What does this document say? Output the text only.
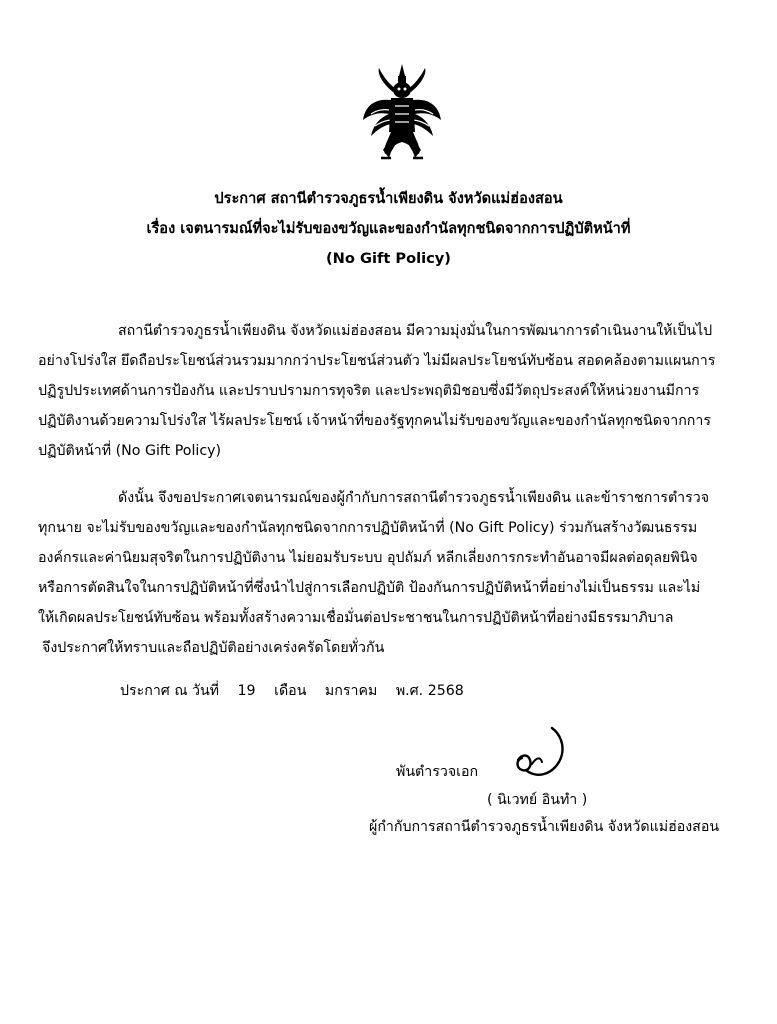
ประกาศ สถานีตำรวจภูธรน้ำเพียงดิน จังหวัดแม่ฮ่องสอน
เรื่อง เจตนารมณ์ที่จะไม่รับของขวัญและของกำนัลทุกชนิดจากการปฏิบัติหน้าที่
(No Gift Policy)
สถานีตำรวจภูธรน้ำเพียงดิน จังหวัดแม่ฮ่องสอน มีความมุ่งมั่นในการพัฒนาการดำเนินงานให้เป็นไป
อย่างโปร่งใส ยึดถือประโยชน์ส่วนรวมมากกว่าประโยชน์ส่วนตัว ไม่มีผลประโยชน์ทับซ้อน สอดคล้องตามแผนการ
ปฏิรูปประเทศด้านการป้องกัน และปราบปรามการทุจริต และประพฤติมิชอบซึ่งมีวัตถุประสงค์ให้หน่วยงานมีการ
ปฏิบัติงานด้วยความโปร่งใส ไร้ผลประโยชน์ เจ้าหน้าที่ของรัฐทุกคนไม่รับของขวัญและของกำนัลทุกชนิดจากการ
ปฏิบัติหน้าที่ (No Gift Policy)
ดังนั้น จึงขอประกาศเจตนารมณ์ของผู้กำกับการสถานีตำรวจภูธรน้ำเพียงดิน และข้าราชการตำรวจ
ทุกนาย จะไม่รับของขวัญและของกำนัลทุกชนิดจากการปฏิบัติหน้าที่ (No Gift Policy) ร่วมกันสร้างวัฒนธรรม
องค์กรและค่านิยมสุจริตในการปฏิบัติงาน ไม่ยอมรับระบบ อุปถัมภ์ หลีกเลี่ยงการกระทำอันอาจมีผลต่อดุลยพินิจ
หรือการตัดสินใจในการปฏิบัติหน้าที่ซึ่งนำไปสู่การเลือกปฏิบัติ ป้องกันการปฏิบัติหน้าที่อย่างไม่เป็นธรรม และไม่
ให้เกิดผลประโยชน์ทับซ้อน พร้อมทั้งสร้างความเชื่อมั่นต่อประชาชนในการปฏิบัติหน้าที่อย่างมีธรรมาภิบาล
จึงประกาศให้ทราบและถือปฏิบัติอย่างเคร่งครัดโดยทั่วกัน
ประกาศ ณ วันที่ 19 เดือน มกราคม พ.ศ. 2568
พันตำรวจเอก
( นิเวทย์ อินทำ )
ผู้กำกับการสถานีตำรวจภูธรน้ำเพียงดิน จังหวัดแม่ฮ่องสอน
